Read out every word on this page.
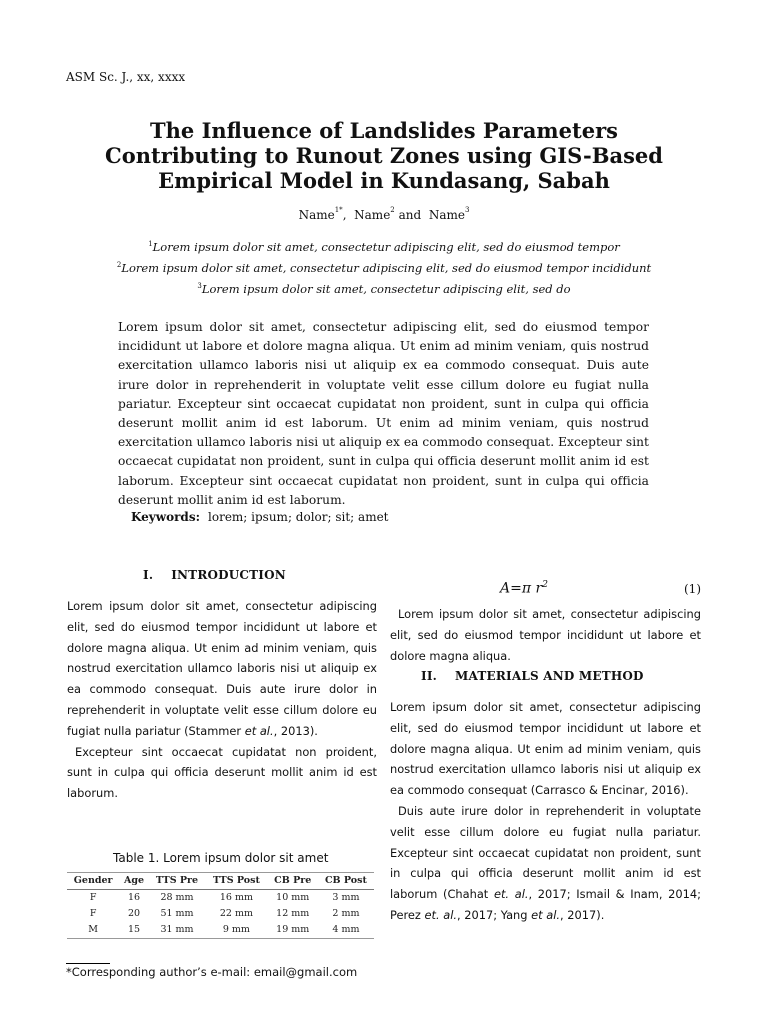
ASM Sc. J., xx, xxxx
The Influence of Landslides Parameters Contributing to Runout Zones using GIS-Based Empirical Model in Kundasang, Sabah
Name$^{1*}$, Name$^2$ and Name$^3$
$^1$Lorem ipsum dolor sit amet, consectetur adipiscing elit, sed do eiusmod tempor
$^2$Lorem ipsum dolor sit amet, consectetur adipiscing elit, sed do eiusmod tempor incididunt
$^3$Lorem ipsum dolor sit amet, consectetur adipiscing elit, sed do
Lorem ipsum dolor sit amet, consectetur adipiscing elit, sed do eiusmod tempor incididunt ut labore et dolore magna aliqua. Ut enim ad minim veniam, quis nostrud exercitation ullamco laboris nisi ut aliquip ex ea commodo consequat. Duis aute irure dolor in reprehenderit in voluptate velit esse cillum dolore eu fugiat nulla pariatur. Excepteur sint occaecat cupidatat non proident, sunt in culpa qui officia deserunt mollit anim id est laborum. Ut enim ad minim veniam, quis nostrud exercitation ullamco laboris nisi ut aliquip ex ea commodo consequat. Excepteur sint occaecat cupidatat non proident, sunt in culpa qui officia deserunt mollit anim id est laborum. Excepteur sint occaecat cupidatat non proident, sunt in culpa qui officia deserunt mollit anim id est laborum.
Keywords: lorem; ipsum; dolor; sit; amet
I. INTRODUCTION

Lorem ipsum dolor sit amet, consectetur adipiscing elit, sed do eiusmod tempor incididunt ut labore et dolore magna aliqua. Ut enim ad minim veniam, quis nostrud exercitation ullamco laboris nisi ut aliquip ex ea commodo consequat. Duis aute irure dolor in reprehenderit in voluptate velit esse cillum dolore eu fugiat nulla pariatur (Stammer et al., 2013).

Excepteur sint occaecat cupidatat non proident, sunt in culpa qui officia deserunt mollit anim id est laborum.

Table 1. Lorem ipsum dolor sit amet
Gender	Age	TTS Pre	TTS Post	CB Pre	CB Post
F	16	28 mm	16 mm	10 mm	3 mm
F	20	51 mm	22 mm	12 mm	2 mm
M	15	31 mm	9 mm	19 mm	4 mm
*Corresponding author’s e-mail: email@gmail.com
A=π $r^2$	(1)

Lorem ipsum dolor sit amet, consectetur adipiscing elit, sed do eiusmod tempor incididunt ut labore et dolore magna aliqua.

II. MATERIALS AND METHOD

Lorem ipsum dolor sit amet, consectetur adipiscing elit, sed do eiusmod tempor incididunt ut labore et dolore magna aliqua. Ut enim ad minim veniam, quis nostrud exercitation ullamco laboris nisi ut aliquip ex ea commodo consequat (Carrasco & Encinar, 2016).

Duis aute irure dolor in reprehenderit in voluptate velit esse cillum dolore eu fugiat nulla pariatur. Excepteur sint occaecat cupidatat non proident, sunt in culpa qui officia deserunt mollit anim id est laborum (Chahat et. al., 2017; Ismail & Inam, 2014; Perez et. al., 2017; Yang et al., 2017).
